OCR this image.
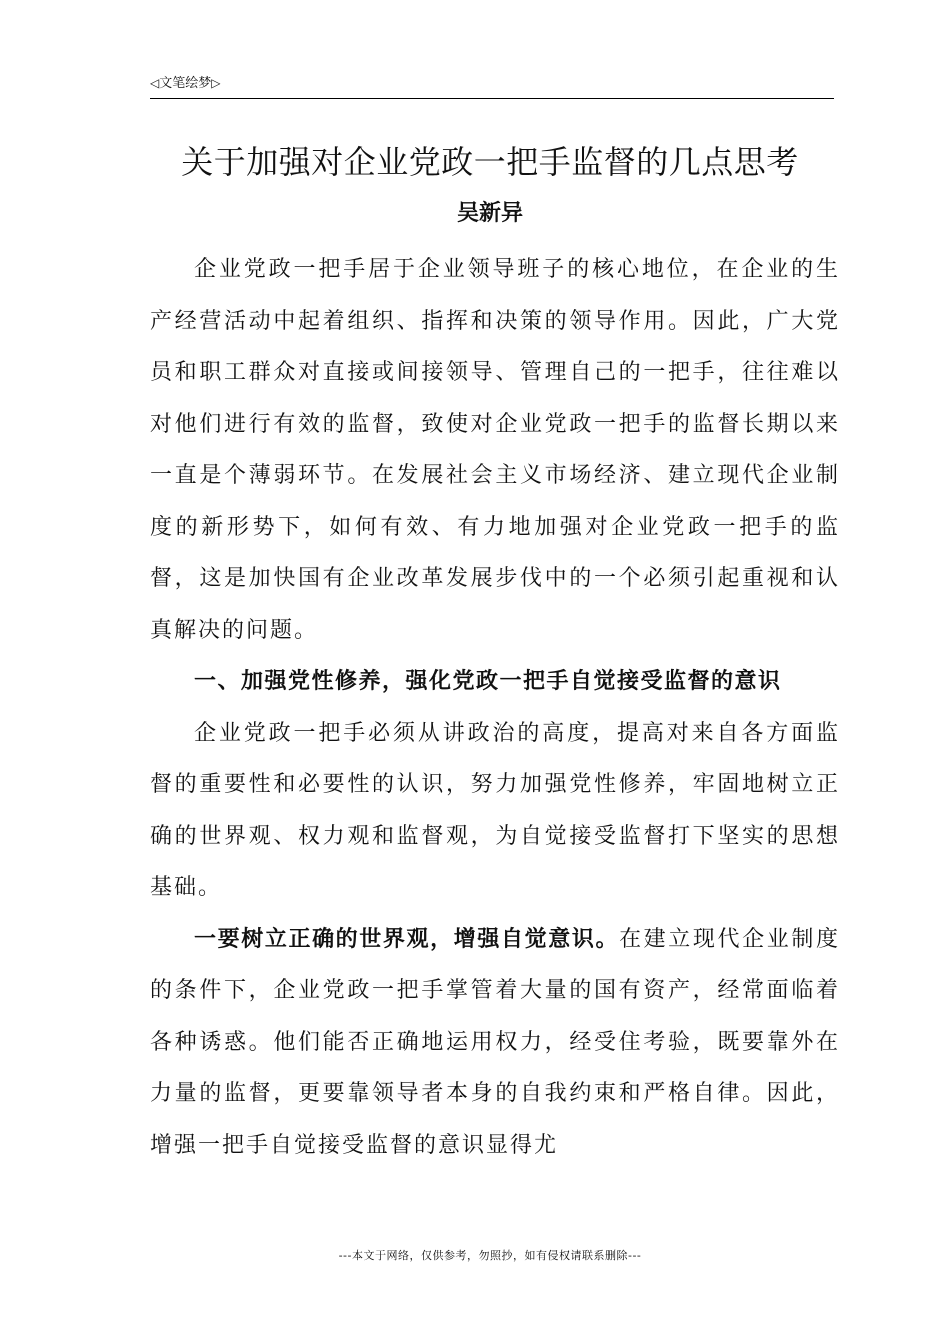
◁文笔绘梦▷
关于加强对企业党政一把手监督的几点思考
吴新异

企业党政一把手居于企业领导班子的核心地位，在企业的生产经营活动中起着组织、指挥和决策的领导作用。因此，广大党员和职工群众对直接或间接领导、管理自己的一把手，往往难以对他们进行有效的监督，致使对企业党政一把手的监督长期以来一直是个薄弱环节。在发展社会主义市场经济、建立现代企业制度的新形势下，如何有效、有力地加强对企业党政一把手的监督，这是加快国有企业改革发展步伐中的一个必须引起重视和认真解决的问题。

一、加强党性修养，强化党政一把手自觉接受监督的意识

企业党政一把手必须从讲政治的高度，提高对来自各方面监督的重要性和必要性的认识，努力加强党性修养，牢固地树立正确的世界观、权力观和监督观，为自觉接受监督打下坚实的思想基础。

一要树立正确的世界观，增强自觉意识。在建立现代企业制度的条件下，企业党政一把手掌管着大量的国有资产，经常面临着各种诱惑。他们能否正确地运用权力，经受住考验，既要靠外在力量的监督，更要靠领导者本身的自我约束和严格自律。因此，增强一把手自觉接受监督的意识显得尤

---本文于网络，仅供参考，勿照抄，如有侵权请联系删除---
